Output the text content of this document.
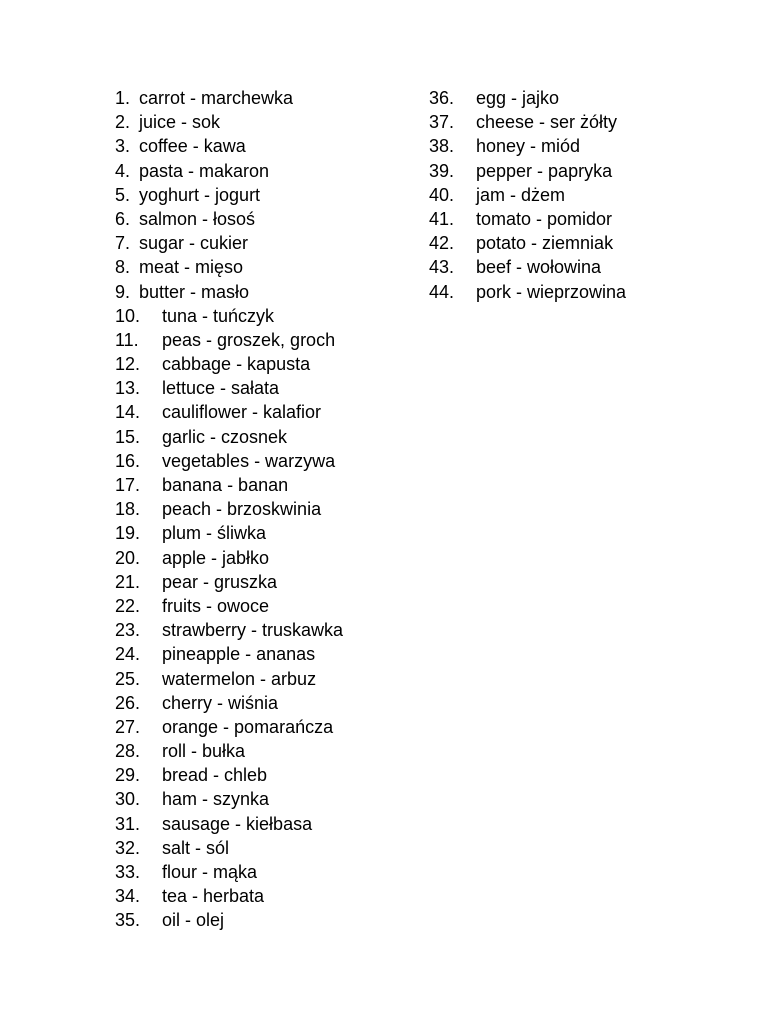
1. carrot - marchewka
2. juice - sok
3. coffee - kawa
4. pasta - makaron
5. yoghurt - jogurt
6. salmon - łosoś
7. sugar - cukier
8. meat - mięso
9. butter - masło
10. tuna - tuńczyk
11. peas - groszek, groch
12. cabbage - kapusta
13. lettuce - sałata
14. cauliflower - kalafior
15. garlic - czosnek
16. vegetables - warzywa
17. banana - banan
18. peach - brzoskwinia
19. plum - śliwka
20. apple - jabłko
21. pear - gruszka
22. fruits - owoce
23. strawberry - truskawka
24. pineapple - ananas
25. watermelon - arbuz
26. cherry - wiśnia
27. orange - pomarańcza
28. roll - bułka
29. bread - chleb
30. ham - szynka
31. sausage - kiełbasa
32. salt - sól
33. flour - mąka
34. tea - herbata
35. oil - olej
36. egg - jajko
37. cheese - ser żółty
38. honey - miód
39. pepper - papryka
40. jam - dżem
41. tomato - pomidor
42. potato - ziemniak
43. beef - wołowina
44. pork - wieprzowina
